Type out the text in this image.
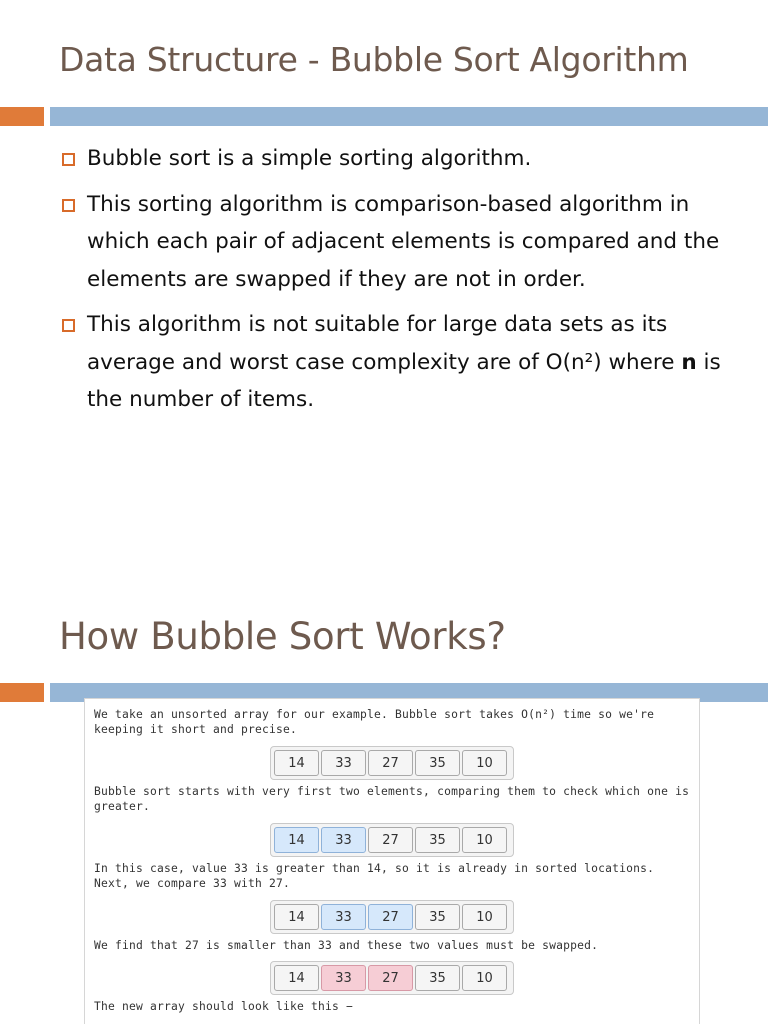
Data Structure - Bubble Sort Algorithm
Bubble sort is a simple sorting algorithm.
This sorting algorithm is comparison-based algorithm in which each pair of adjacent elements is compared and the elements are swapped if they are not in order.
This algorithm is not suitable for large data sets as its average and worst case complexity are of O(n²) where n is the number of items.
How Bubble Sort Works?
We take an unsorted array for our example. Bubble sort takes O(n²) time so we're keeping it short and precise.
14	33	27	35	10
Bubble sort starts with very first two elements, comparing them to check which one is greater.
14	33	27	35	10
In this case, value 33 is greater than 14, so it is already in sorted locations. Next, we compare 33 with 27.
14	33	27	35	10
We find that 27 is smaller than 33 and these two values must be swapped.
14	33	27	35	10
The new array should look like this −
